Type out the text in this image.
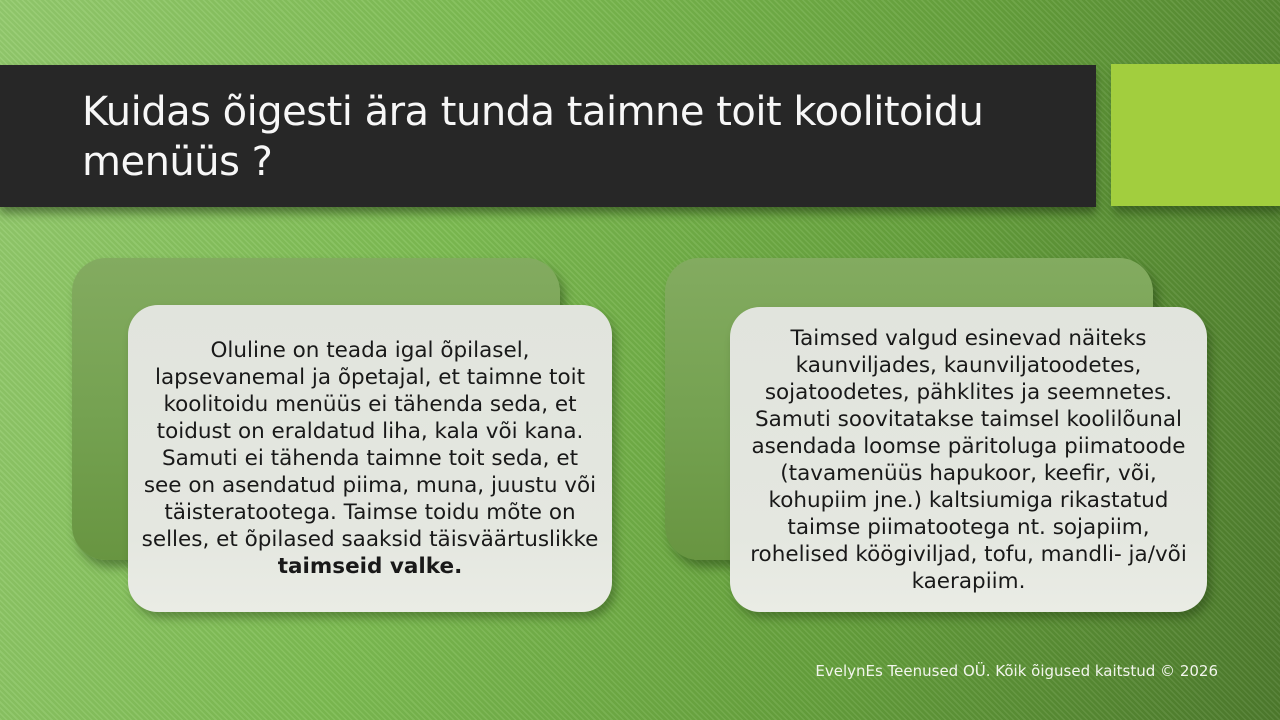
Kuidas õigesti ära tunda taimne toit koolitoidu menüüs ?
Oluline on teada igal õpilasel, lapsevanemal ja õpetajal, et taimne toit koolitoidu menüüs ei tähenda seda, et toidust on eraldatud liha, kala või kana. Samuti ei tähenda taimne toit seda, et see on asendatud piima, muna, juustu või täisteratootega. Taimse toidu mõte on selles, et õpilased saaksid täisväärtuslikke taimseid valke.
Taimsed valgud esinevad näiteks kaunviljades, kaunviljatoodetes, sojatoodetes, pähklites ja seemnetes. Samuti soovitatakse taimsel koolilõunal asendada loomse päritoluga piimatoode (tavamenüüs hapukoor, keefir, või, kohupiim jne.) kaltsiumiga rikastatud taimse piimatootega nt. sojapiim, rohelised köögiviljad, tofu, mandli- ja/või kaerapiim.
EvelynEs Teenused OÜ. Kõik õigused kaitstud © 2026
